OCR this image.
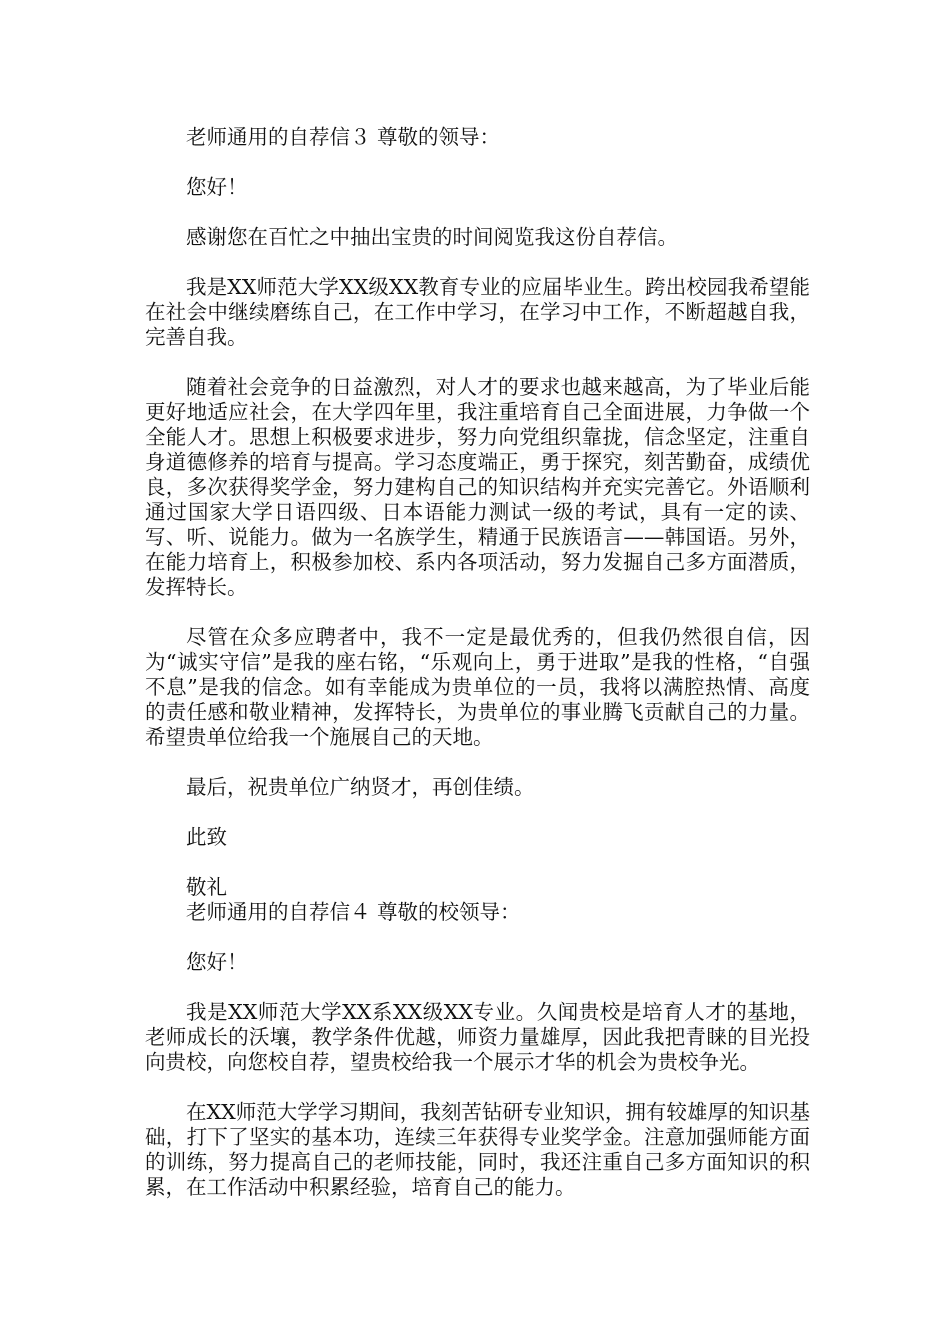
老师通用的自荐信３ 尊敬的领导：

您好！

感谢您在百忙之中抽出宝贵的时间阅览我这份自荐信。

我是XX师范大学XX级XX教育专业的应届毕业生。跨出校园我希望能在社会中继续磨练自己，在工作中学习，在学习中工作，不断超越自我，完善自我。

随着社会竞争的日益激烈，对人才的要求也越来越高，为了毕业后能更好地适应社会，在大学四年里，我注重培育自己全面进展，力争做一个全能人才。思想上积极要求进步，努力向党组织靠拢，信念坚定，注重自身道德修养的培育与提高。学习态度端正，勇于探究，刻苦勤奋，成绩优良，多次获得奖学金，努力建构自己的知识结构并充实完善它。外语顺利通过国家大学日语四级、日本语能力测试一级的考试，具有一定的读、写、听、说能力。做为一名族学生，精通于民族语言——韩国语。另外，在能力培育上，积极参加校、系内各项活动，努力发掘自己多方面潜质，发挥特长。

尽管在众多应聘者中，我不一定是最优秀的，但我仍然很自信，因为“诚实守信”是我的座右铭，“乐观向上，勇于进取”是我的性格，“自强不息”是我的信念。如有幸能成为贵单位的一员，我将以满腔热情、高度的责任感和敬业精神，发挥特长，为贵单位的事业腾飞贡献自己的力量。希望贵单位给我一个施展自己的天地。

最后，祝贵单位广纳贤才，再创佳绩。

此致

敬礼

老师通用的自荐信４ 尊敬的校领导：

您好！

我是XX师范大学XX系XX级XX专业。久闻贵校是培育人才的基地，老师成长的沃壤，教学条件优越，师资力量雄厚，因此我把青睐的目光投向贵校，向您校自荐，望贵校给我一个展示才华的机会为贵校争光。

在XX师范大学学习期间，我刻苦钻研专业知识，拥有较雄厚的知识基础，打下了坚实的基本功，连续三年获得专业奖学金。注意加强师能方面的训练，努力提高自己的老师技能，同时，我还注重自己多方面知识的积累，在工作活动中积累经验，培育自己的能力。
